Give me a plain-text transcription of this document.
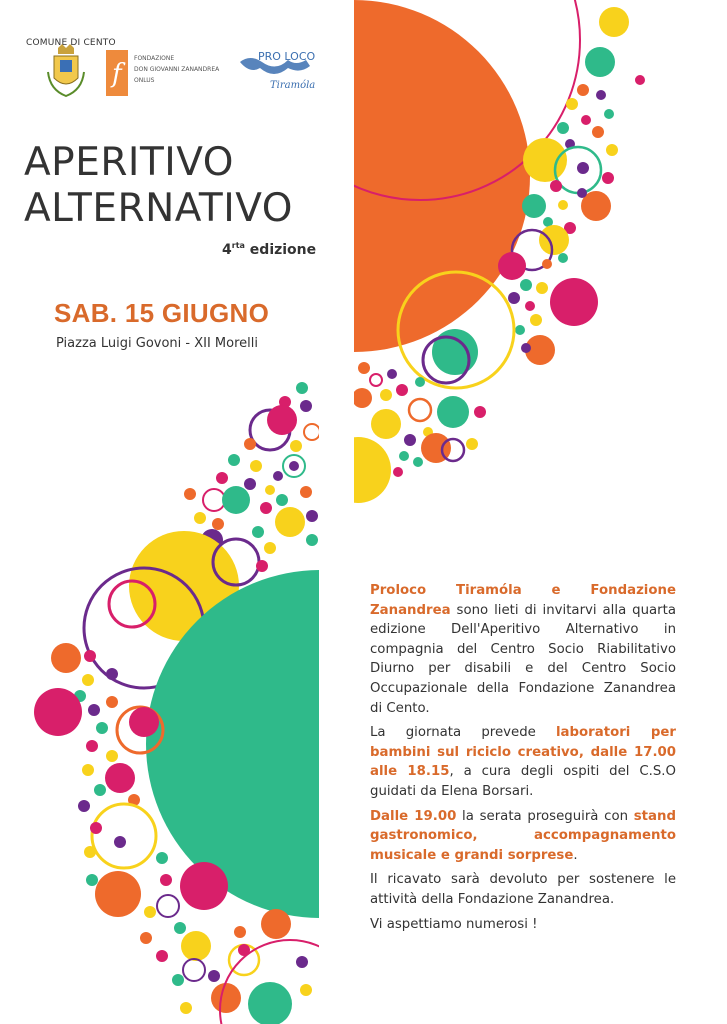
COMUNE DI CENTO
f
FONDAZIONE
DON GIOVANNI ZANANDREA
ONLUS
PRO LOCO
Tiramóla
APERITIVO
ALTERNATIVO
$4^{rta}$ edizione
SAB. 15 GIUGNO
Piazza Luigi Govoni - XII Morelli

Proloco Tiramóla e Fondazione Zanandrea sono lieti di invitarvi alla quarta edizione Dell'Aperitivo Alternativo in compagnia del Centro Socio Riabilitativo Diurno per disabili e del Centro Socio Occupazionale della Fondazione Zanandrea di Cento.

La giornata prevede laboratori per bambini sul riciclo creativo, dalle 17.00 alle 18.15, a cura degli ospiti del C.S.O guidati da Elena Borsari.

Dalle 19.00 la serata proseguirà con stand gastronomico, accompagnamento musicale e grandi sorprese.

Il ricavato sarà devoluto per sostenere le attività della Fondazione Zanandrea.

Vi aspettiamo numerosi !
